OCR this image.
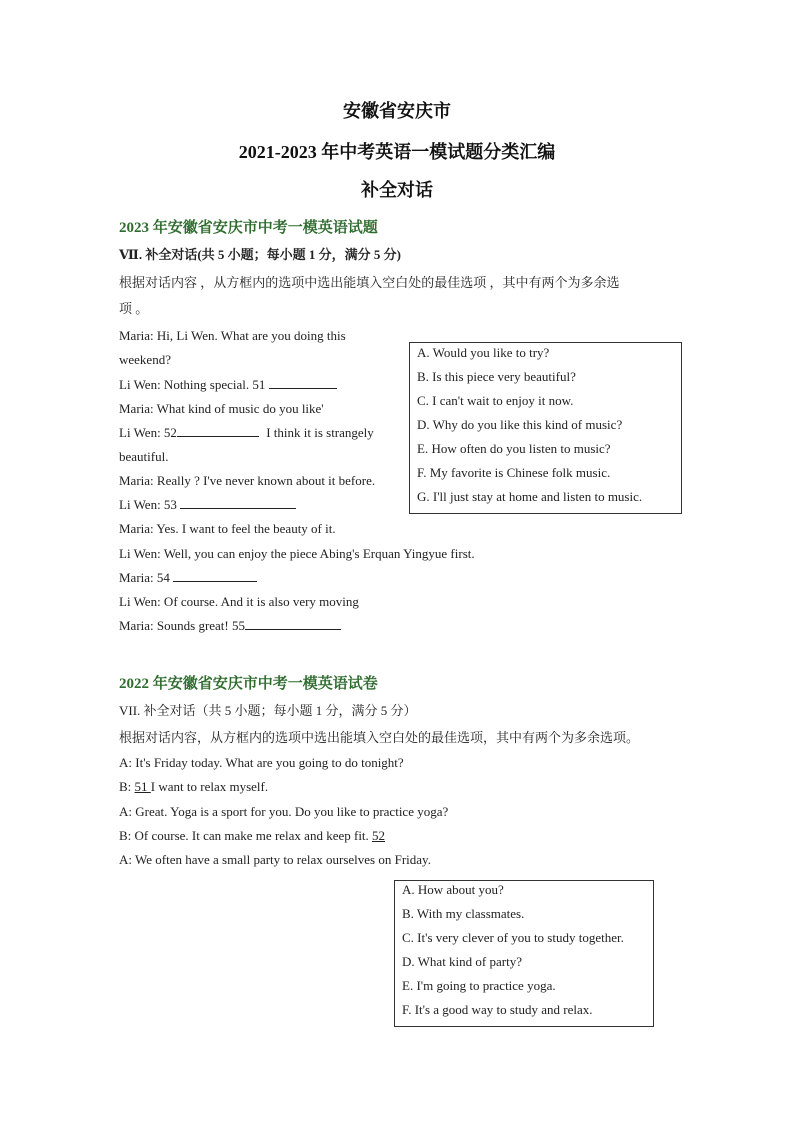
安徽省安庆市
2021-2023 年中考英语一模试题分类汇编
补全对话
2023 年安徽省安庆市中考一模英语试题
Ⅶ. 补全对话(共 5 小题；每小题 1 分，满分 5 分)
根据对话内容 ，从方框内的选项中选出能填入空白处的最佳选项 ，其中有两个为多余选
项 。
Maria: Hi, Li Wen. What are you doing this
weekend?
Li Wen: Nothing special. 51
Maria: What kind of music do you like'
Li Wen: 52	I think it is strangely
beautiful.
Maria: Really ? I've never known about it before.
Li Wen: 53
Maria: Yes. I want to feel the beauty of it.
Li Wen: Well, you can enjoy the piece Abing's Erquan Yingyue first.
Maria: 54
Li Wen: Of course. And it is also very moving
Maria: Sounds great! 55
A. Would you like to try?
B. Is this piece very beautiful?
C. I can't wait to enjoy it now.
D. Why do you like this kind of music?
E. How often do you listen to music?
F. My favorite is Chinese folk music.
G. I'll just stay at home and listen to music.
2022 年安徽省安庆市中考一模英语试卷
VII. 补全对话（共 5 小题；每小题 1 分，满分 5 分）
根据对话内容，从方框内的选项中选出能填入空白处的最佳选项，其中有两个为多余选项。
A: It's Friday today. What are you going to do tonight?
B: 51 I want to relax myself.
A: Great. Yoga is a sport for you. Do you like to practice yoga?
B: Of course. It can make me relax and keep fit. 52
A: We often have a small party to relax ourselves on Friday.
A. How about you?
B. With my classmates.
C. It's very clever of you to study together.
D. What kind of party?
E. I'm going to practice yoga.
F. It's a good way to study and relax.
